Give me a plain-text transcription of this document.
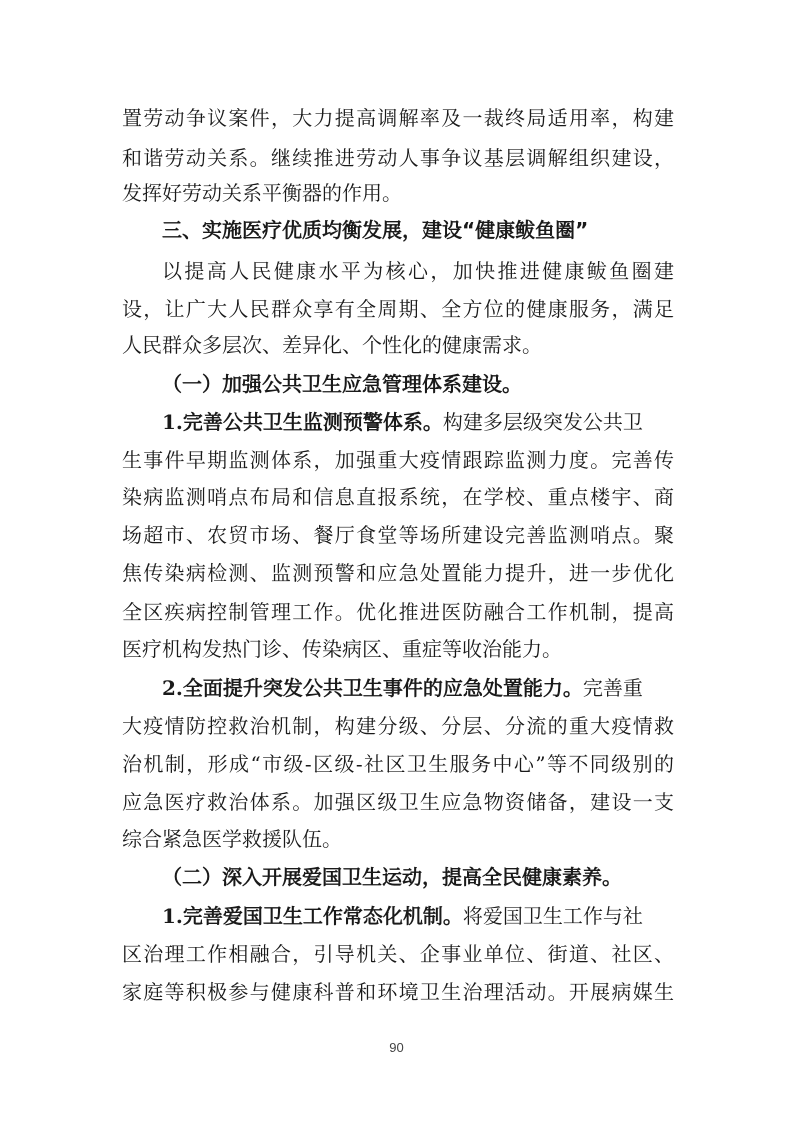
置劳动争议案件，大力提高调解率及一裁终局适用率，构建
和谐劳动关系。继续推进劳动人事争议基层调解组织建设，
发挥好劳动关系平衡器的作用。
三、实施医疗优质均衡发展，建设“健康鲅鱼圈”
以提高人民健康水平为核心，加快推进健康鲅鱼圈建
设，让广大人民群众享有全周期、全方位的健康服务，满足
人民群众多层次、差异化、个性化的健康需求。
（一）加强公共卫生应急管理体系建设。
1.完善公共卫生监测预警体系。构建多层级突发公共卫
生事件早期监测体系，加强重大疫情跟踪监测力度。完善传
染病监测哨点布局和信息直报系统，在学校、重点楼宇、商
场超市、农贸市场、餐厅食堂等场所建设完善监测哨点。聚
焦传染病检测、监测预警和应急处置能力提升，进一步优化
全区疾病控制管理工作。优化推进医防融合工作机制，提高
医疗机构发热门诊、传染病区、重症等收治能力。
2.全面提升突发公共卫生事件的应急处置能力。完善重
大疫情防控救治机制，构建分级、分层、分流的重大疫情救
治机制，形成“市级-区级-社区卫生服务中心”等不同级别的
应急医疗救治体系。加强区级卫生应急物资储备，建设一支
综合紧急医学救援队伍。
（二）深入开展爱国卫生运动，提高全民健康素养。
1.完善爱国卫生工作常态化机制。将爱国卫生工作与社
区治理工作相融合，引导机关、企事业单位、街道、社区、
家庭等积极参与健康科普和环境卫生治理活动。开展病媒生
90
